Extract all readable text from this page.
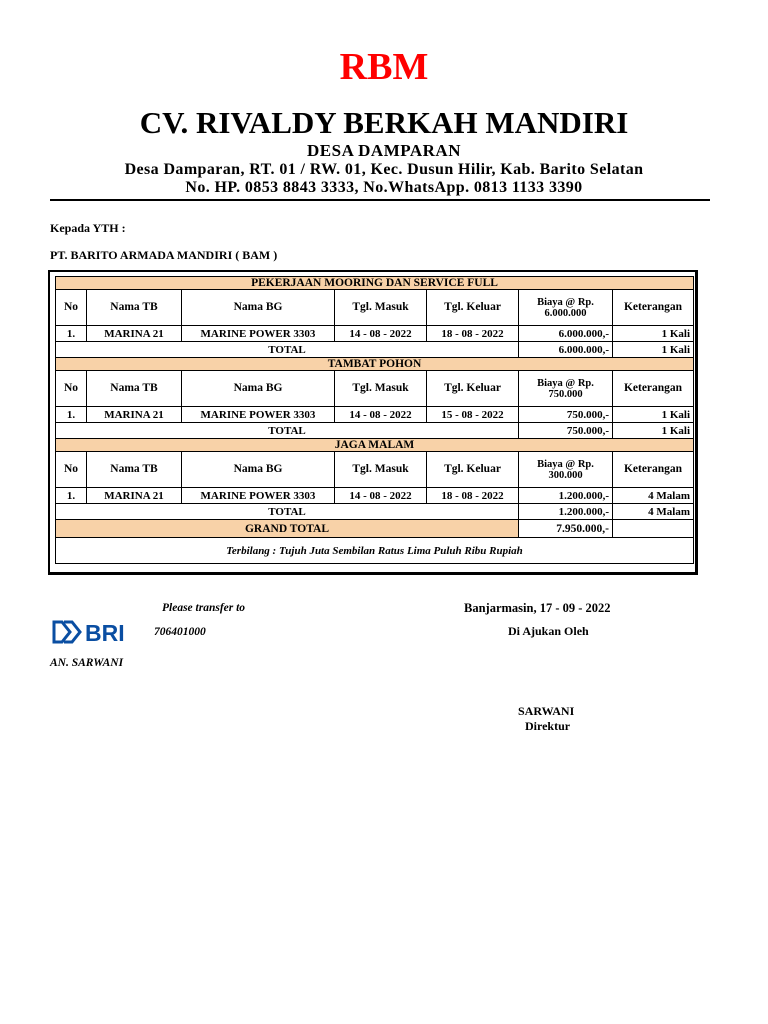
RBM
CV. RIVALDY BERKAH MANDIRI
DESA DAMPARAN
Desa Damparan, RT. 01 / RW. 01, Kec. Dusun Hilir, Kab. Barito Selatan
No. HP. 0853 8843 3333, No.WhatsApp. 0813 1133 3390
Kepada YTH :
PT. BARITO ARMADA MANDIRI ( BAM )
PEKERJAAN MOORING DAN SERVICE FULL						
No	Nama TB	Nama BG	Tgl. Masuk	Tgl. Keluar	Biaya @ Rp. 6.000.000	Keterangan
1.	MARINA 21	MARINE POWER 3303	14 - 08 - 2022	18 - 08 - 2022	6.000.000,-	1 Kali
TOTAL					6.000.000,-	1 Kali
TAMBAT POHON						
No	Nama TB	Nama BG	Tgl. Masuk	Tgl. Keluar	Biaya @ Rp. 750.000	Keterangan
1.	MARINA 21	MARINE POWER 3303	14 - 08 - 2022	15 - 08 - 2022	750.000,-	1 Kali
TOTAL					750.000,-	1 Kali
JAGA MALAM						
No	Nama TB	Nama BG	Tgl. Masuk	Tgl. Keluar	Biaya @ Rp. 300.000	Keterangan
1.	MARINA 21	MARINE POWER 3303	14 - 08 - 2022	18 - 08 - 2022	1.200.000,-	4 Malam
TOTAL					1.200.000,-	4 Malam
GRAND TOTAL					7.950.000,-	
Terbilang : Tujuh Juta Sembilan Ratus Lima Puluh Ribu Rupiah						
Please transfer to
BRI	706401000
AN. SARWANI
Banjarmasin, 17 - 09 - 2022
Di Ajukan Oleh
SARWANI
Direktur
